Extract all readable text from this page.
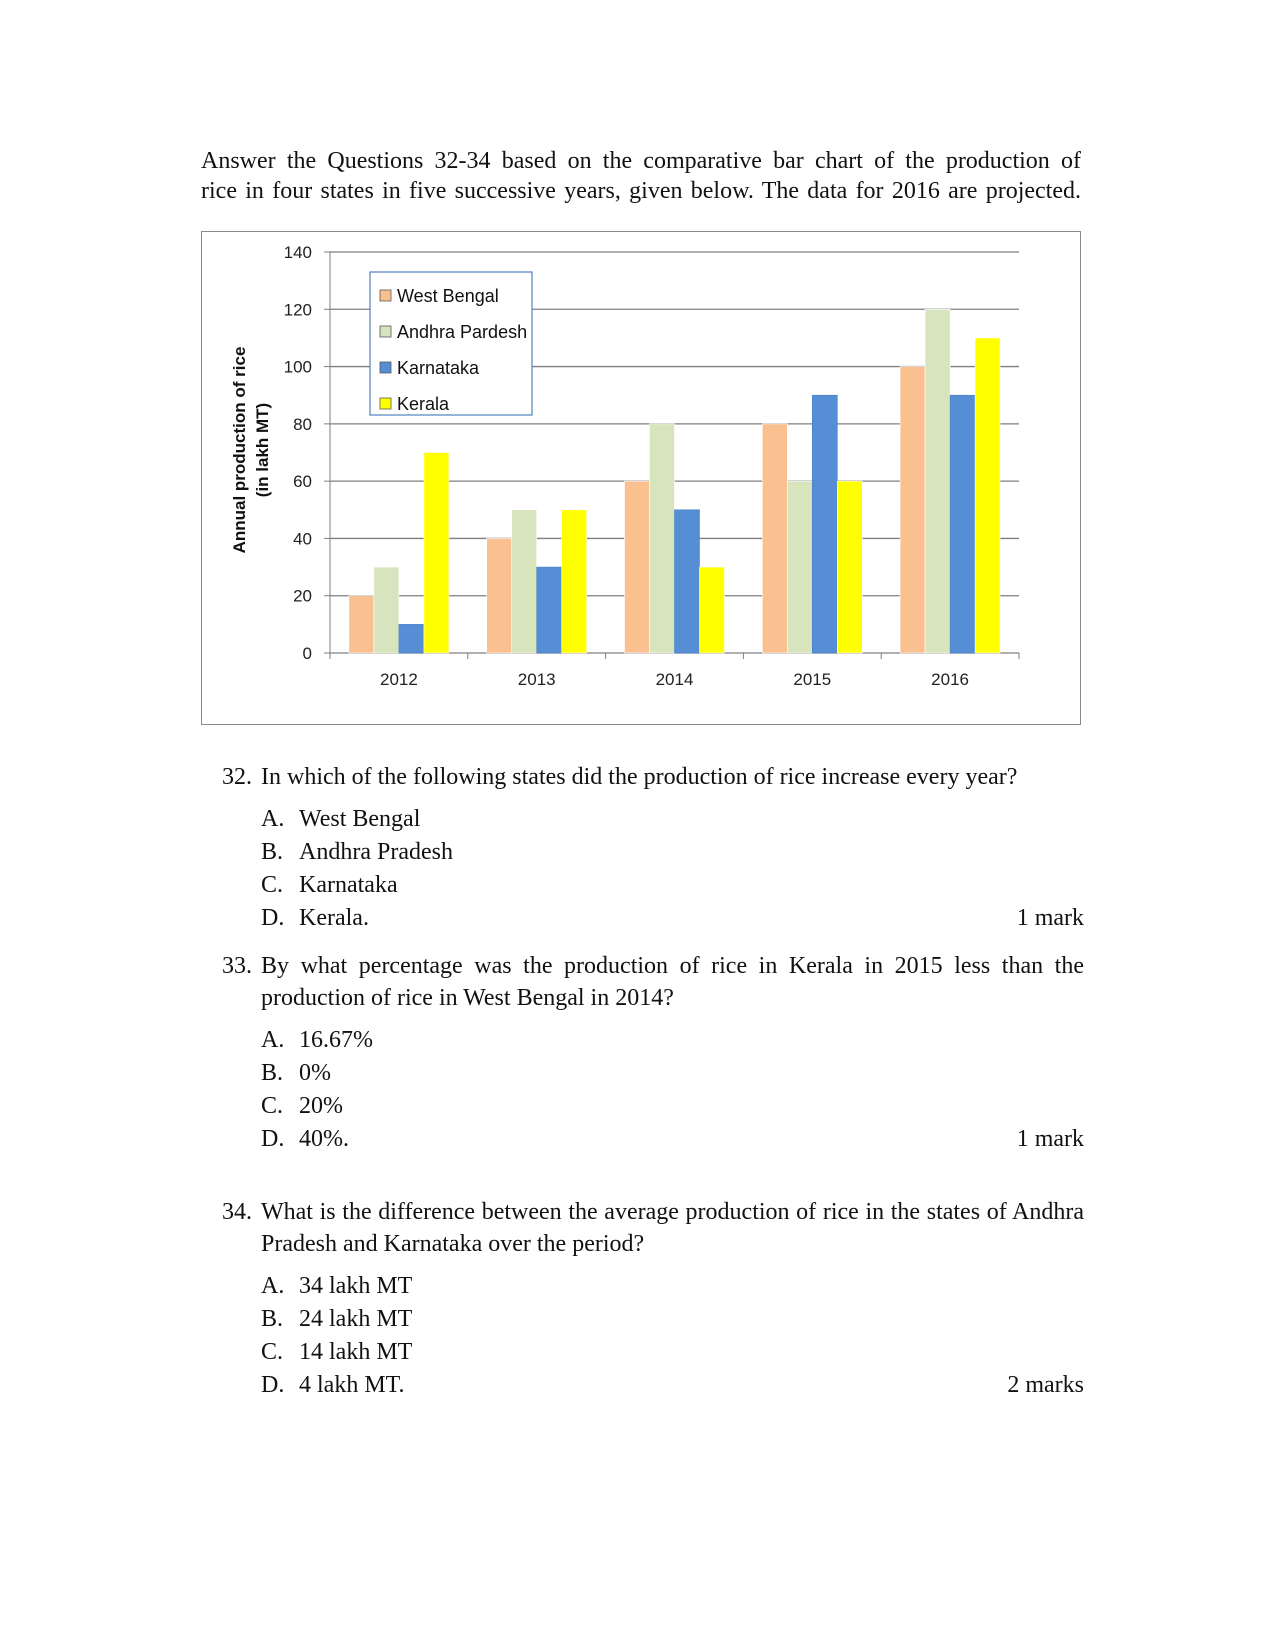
Answer the Questions 32-34 based on the comparative bar chart of the production of
rice in four states in five successive years, given below. The data for 2016 are projected.
0
20
40
60
80
100
120
140
2012	2013	2014	2015	2016
Annual production of rice (in lakh MT)
West Bengal
Andhra Pardesh
Karnataka
Kerala
32. In which of the following states did the production of rice increase every year?
A. West Bengal
B. Andhra Pradesh
C. Karnataka
D. Kerala.	1 mark
33. By what percentage was the production of rice in Kerala in 2015 less than the production of rice in West Bengal in 2014?
A. 16.67%
B. 0%
C. 20%
D. 40%.	1 mark
34. What is the difference between the average production of rice in the states of Andhra Pradesh and Karnataka over the period?
A. 34 lakh MT
B. 24 lakh MT
C. 14 lakh MT
D. 4 lakh MT.	2 marks
